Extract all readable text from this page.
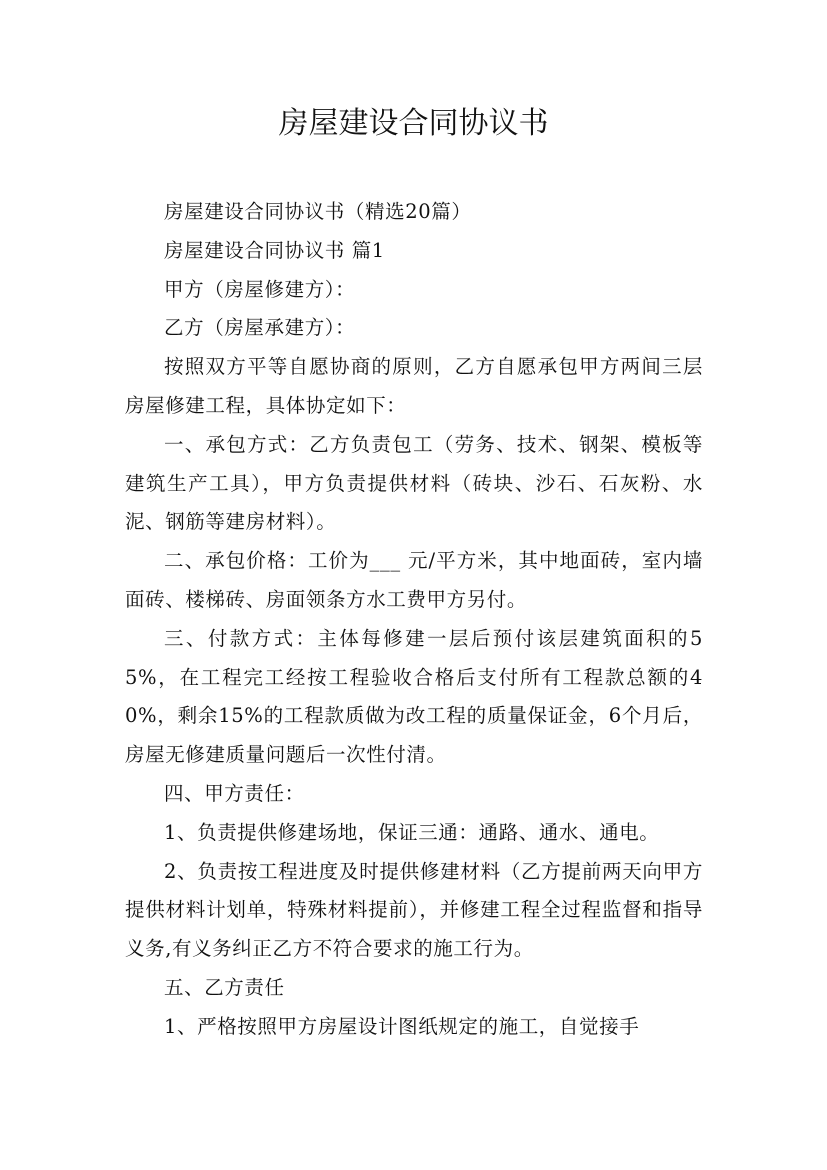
房屋建设合同协议书

房屋建设合同协议书（精选20篇）

房屋建设合同协议书 篇1

甲方（房屋修建方）：

乙方（房屋承建方）：

按照双方平等自愿协商的原则，乙方自愿承包甲方两间三层房屋修建工程，具体协定如下：

一、承包方式：乙方负责包工（劳务、技术、钢架、模板等建筑生产工具），甲方负责提供材料（砖块、沙石、石灰粉、水泥、钢筋等建房材料）。

二、承包价格：工价为___ 元/平方米，其中地面砖，室内墙面砖、楼梯砖、房面领条方水工费甲方另付。

三、付款方式：主体每修建一层后预付该层建筑面积的55%，在工程完工经按工程验收合格后支付所有工程款总额的40%，剩余15%的工程款质做为改工程的质量保证金，6个月后，房屋无修建质量问题后一次性付清。

四、甲方责任：

1、负责提供修建场地，保证三通：通路、通水、通电。

2、负责按工程进度及时提供修建材料（乙方提前两天向甲方提供材料计划单，特殊材料提前），并修建工程全过程监督和指导义务,有义务纠正乙方不符合要求的施工行为。

五、乙方责任

1、严格按照甲方房屋设计图纸规定的施工，自觉接手
